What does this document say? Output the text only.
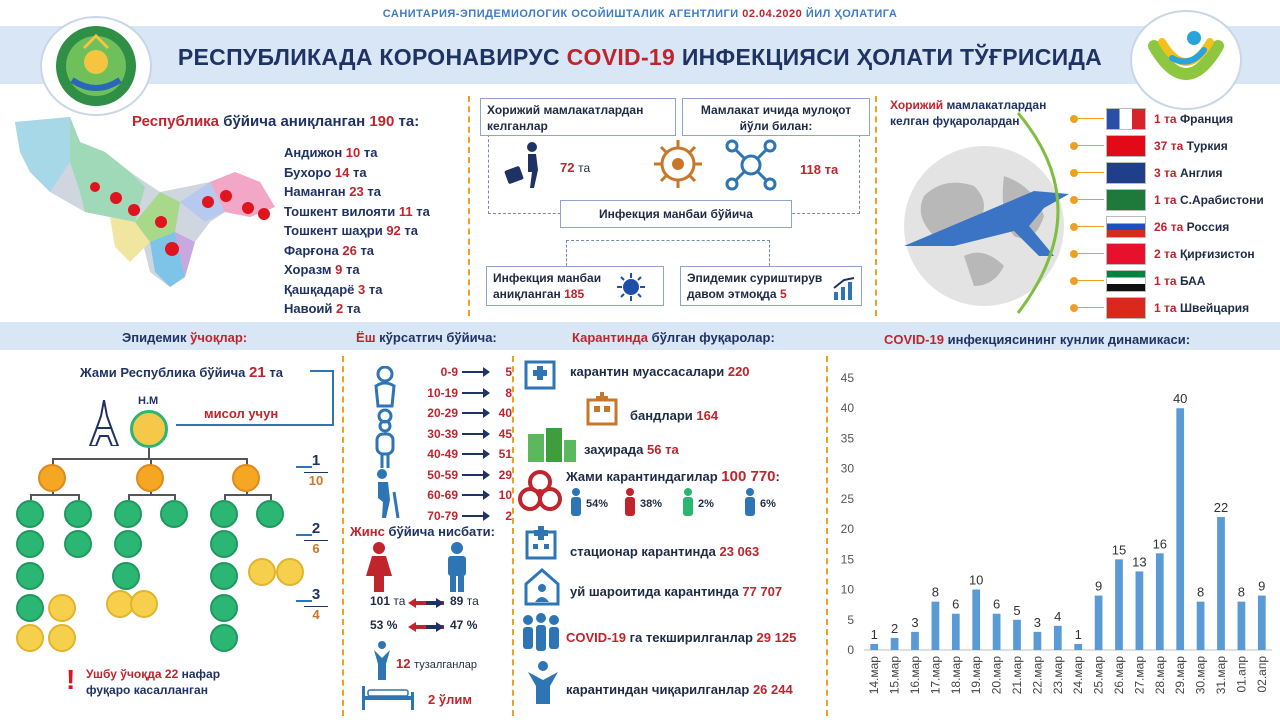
САНИТАРИЯ-ЭПИДЕМИОЛОГИК ОСОЙИШТАЛИК АГЕНТЛИГИ 02.04.2020 ЙИЛ ҲОЛАТИГА
РЕСПУБЛИКАДА КОРОНАВИРУС COVID-19 ИНФЕКЦИЯСИ ҲОЛАТИ ТЎҒРИСИДА
Республика бўйича аниқланган 190 та:
Андижон 10 та
Бухоро 14 та
Наманган 23 та
Тошкент вилояти 11 та
Тошкент шаҳри 92 та
Фарғона 26 та
Хоразм 9 та
Қашқадарё 3 та
Навоий 2 та
Хорижий мамлакатлардан келганлар
Мамлакат ичида мулоқот йўли билан:
72 та	118 та
Инфекция манбаи бўйича
Инфекция манбаи аниқланган 185
Эпидемик суриштирув давом этмоқда 5
Хорижий мамлакатлардан келган фуқаролардан	1 та Франция
37 та Туркия
3 та Англия
1 та С.Арабистони
26 та Россия
2 та Қирғизистон
1 та БАА
1 та Швейцария
Эпидемик ўчоқлар:	Ёш кўрсатгич бўйича:	Карантинда бўлган фуқаролар:	COVID-19 инфекциясининг кунлик динамикаси:
Жами Республика бўйича 21 та
мисол учун
Н.М
1
10
2
6
3
4
! Ушбу ўчоқда 22 нафар фуқаро касалланган
0-9	5
10-19	8
20-29	40
30-39	45
40-49	51
50-59	29
60-69	10
70-79	2
Жинс бўйича нисбати:
101 та	89 та
53 %	47 %
12 тузалганлар
2 ўлим
карантин муассасалари 220
бандлари 164
заҳирада 56 та
Жами карантиндагилар 100 770:
54%	38%	2%	6%
стационар карантинда 23 063
уй шароитида карантинда 77 707
COVID-19 га текширилганлар 29 125
карантиндан чиқарилганлар 26 244
0
5
10
15
20
25
30
35
40
45
1
14.мар
2
15.мар
3
16.мар
8
17.мар
6
18.мар
10
19.мар
6
20.мар
5
21.мар
3
22.мар
4
23.мар
1
24.мар
9
25.мар
15
26.мар
13
27.мар
16
28.мар
40
29.мар
8
30.мар
22
31.мар
8
01.апр
9
02.апр
